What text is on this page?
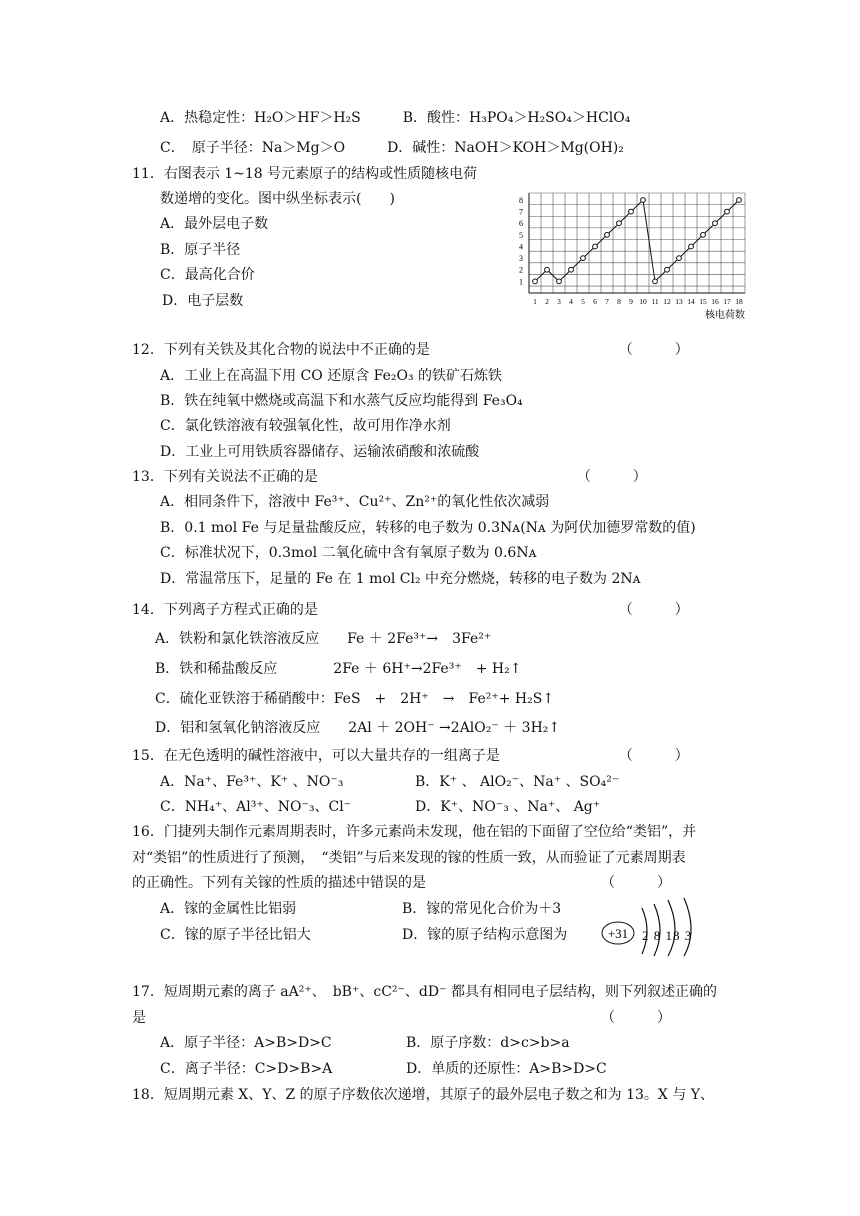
A．热稳定性：H₂O＞HF＞H₂S　　　B．酸性：H₃PO₄＞H₂SO₄＞HClO₄
C．　原子半径：Na＞Mg＞O　　　D．碱性：NaOH＞KOH＞Mg(OH)₂
11．右图表示 1~18 号元素原子的结构或性质随核电荷
数递增的变化。图中纵坐标表示(　　)
A．最外层电子数
B．原子半径
C．最高化合价
D．电子层数
12．下列有关铁及其化合物的说法中不正确的是　　　　　　　　　　　　　　（　　　）
A．工业上在高温下用 CO 还原含 Fe₂O₃ 的铁矿石炼铁
B．铁在纯氧中燃烧或高温下和水蒸气反应均能得到 Fe₃O₄
C．氯化铁溶液有较强氧化性，故可用作净水剂
D．工业上可用铁质容器储存、运输浓硝酸和浓硫酸
13．下列有关说法不正确的是　　　　　　　　　　　　　　　　　　　（　　　）
A．相同条件下，溶液中 Fe³⁺、Cu²⁺、Zn²⁺的氧化性依次减弱
B．0.1 mol Fe 与足量盐酸反应，转移的电子数为 0.3Nᴀ(Nᴀ 为阿伏加德罗常数的值)
C．标准状况下，0.3mol 二氧化硫中含有氧原子数为 0.6Nᴀ
D．常温常压下，足量的 Fe 在 1 mol Cl₂ 中充分燃烧，转移的电子数为 2Nᴀ
14．下列离子方程式正确的是　　　　　　　　　　　　　　　　　　　　　　（　　　）
A．铁粉和氯化铁溶液反应　　Fe ＋ 2Fe³⁺→　3Fe²⁺
B．铁和稀盐酸反应　　　　2Fe ＋ 6H⁺→2Fe³⁺　+ H₂↑
C．硫化亚铁溶于稀硝酸中：FeS　+　2H⁺　→　Fe²⁺+ H₂S↑
D．铝和氢氧化钠溶液反应　　2Al ＋ 2OH⁻ →2AlO₂⁻ ＋ 3H₂↑
15．在无色透明的碱性溶液中，可以大量共存的一组离子是　　　　　　　　　（　　　）
A．Na⁺、Fe³⁺、K⁺ 、NO⁻₃	B．K⁺ 、 AlO₂⁻、Na⁺ 、SO₄²⁻
C．NH₄⁺、Al³⁺、NO⁻₃、Cl⁻	D．K⁺、NO⁻₃ 、Na⁺、 Ag⁺
16．门捷列夫制作元素周期表时，许多元素尚未发现，他在铝的下面留了空位给“类铝”，并
对“类铝”的性质进行了预测，　“类铝”与后来发现的镓的性质一致，从而验证了元素周期表
的正确性。下列有关镓的性质的描述中错误的是　　　　　　　　　　　　　（　　　）
A．镓的金属性比铝弱	B．镓的常见化合价为＋3
C．镓的原子半径比铝大	D．镓的原子结构示意图为
17．短周期元素的离子 aA²⁺、　bB⁺、cC²⁻、dD⁻ 都具有相同电子层结构，则下列叙述正确的
是　　　　　　　　　　　　　　　　　　　　　　　　　　　　　　　　　（　　　）
A．原子半径：A>B>D>C	B．原子序数：d>c>b>a
C．离子半径：C>D>B>A	D．单质的还原性：A>B>D>C
18．短周期元素 X、Y、Z 的原子序数依次递增，其原子的最外层电子数之和为 13。X 与 Y、
1
2
3
4
5
6
7
8
1 2 3 4 5 6 7 8 9 10 11 12 13 14 15 16 17 18
核电荷数
+31 2 8 18 3
